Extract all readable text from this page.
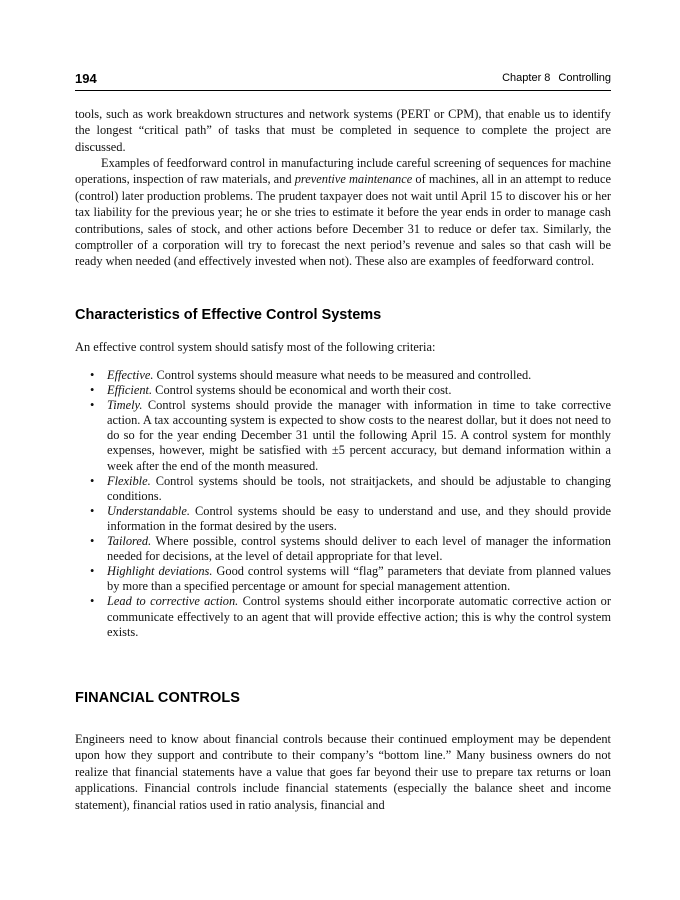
194	Chapter 8 Controlling

tools, such as work breakdown structures and network systems (PERT or CPM), that enable us to identify the longest “critical path” of tasks that must be completed in sequence to complete the project are discussed.

Examples of feedforward control in manufacturing include careful screening of sequences for machine operations, inspection of raw materials, and preventive maintenance of machines, all in an attempt to reduce (control) later production problems. The prudent taxpayer does not wait until April 15 to discover his or her tax liability for the previous year; he or she tries to estimate it before the year ends in order to manage cash contributions, sales of stock, and other actions before December 31 to reduce or defer tax. Similarly, the comptroller of a corporation will try to forecast the next period’s revenue and sales so that cash will be ready when needed (and effectively invested when not). These also are examples of feedforward control.

Characteristics of Effective Control Systems

An effective control system should satisfy most of the following criteria:

• Effective. Control systems should measure what needs to be measured and controlled.
• Efficient. Control systems should be economical and worth their cost.
• Timely. Control systems should provide the manager with information in time to take corrective action. A tax accounting system is expected to show costs to the nearest dollar, but it does not need to do so for the year ending December 31 until the following April 15. A control system for monthly expenses, however, might be satisfied with ±5 percent accuracy, but demand information within a week after the end of the month measured.
• Flexible. Control systems should be tools, not straitjackets, and should be adjustable to changing conditions.
• Understandable. Control systems should be easy to understand and use, and they should provide information in the format desired by the users.
• Tailored. Where possible, control systems should deliver to each level of manager the information needed for decisions, at the level of detail appropriate for that level.
• Highlight deviations. Good control systems will “flag” parameters that deviate from planned values by more than a specified percentage or amount for special management attention.
• Lead to corrective action. Control systems should either incorporate automatic corrective action or communicate effectively to an agent that will provide effective action; this is why the control system exists.
FINANCIAL CONTROLS

Engineers need to know about financial controls because their continued employment may be dependent upon how they support and contribute to their company’s “bottom line.” Many business owners do not realize that financial statements have a value that goes far beyond their use to prepare tax returns or loan applications. Financial controls include financial statements (especially the balance sheet and income statement), financial ratios used in ratio analysis, financial and
